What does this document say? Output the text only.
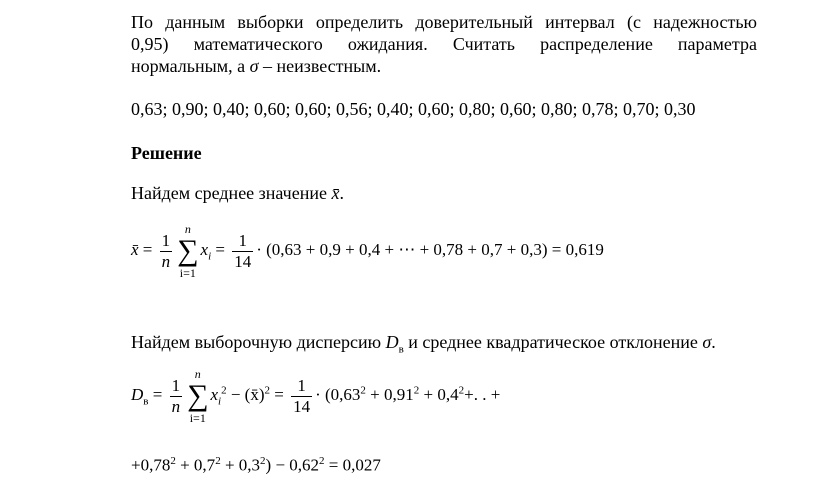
По данным выборки определить доверительный интервал (с надежностью
0,95) математического ожидания. Считать распределение параметра
нормальным, а σ – неизвестным.
0,63; 0,90; 0,40; 0,60; 0,60; 0,56; 0,40; 0,60; 0,80; 0,60; 0,80; 0,78; 0,70; 0,30
Решение
Найдем среднее значение x̄.
x̄ = $\frac{1}{n}$
n
∑
i=1
$x_i = \frac{1}{14} \cdot (0,63 + 0,9 + 0,4$ + ⋯ + 0,78 + 0,7 + 0,3) = 0,619
Найдем выборочную дисперсию $D_в$ и среднее квадратическое отклонение σ.
$D_в = \frac{1}{n}$
n
∑
i=1
$x_i^2$ − (x̄)$^2$ = $\frac{1}{14} \cdot (0,63^2 + 0,91^2 + 0,4^2+$. . +
$+0,78^2 + 0,7^2 + 0,3^2) - 0,62^2 = 0,027$
